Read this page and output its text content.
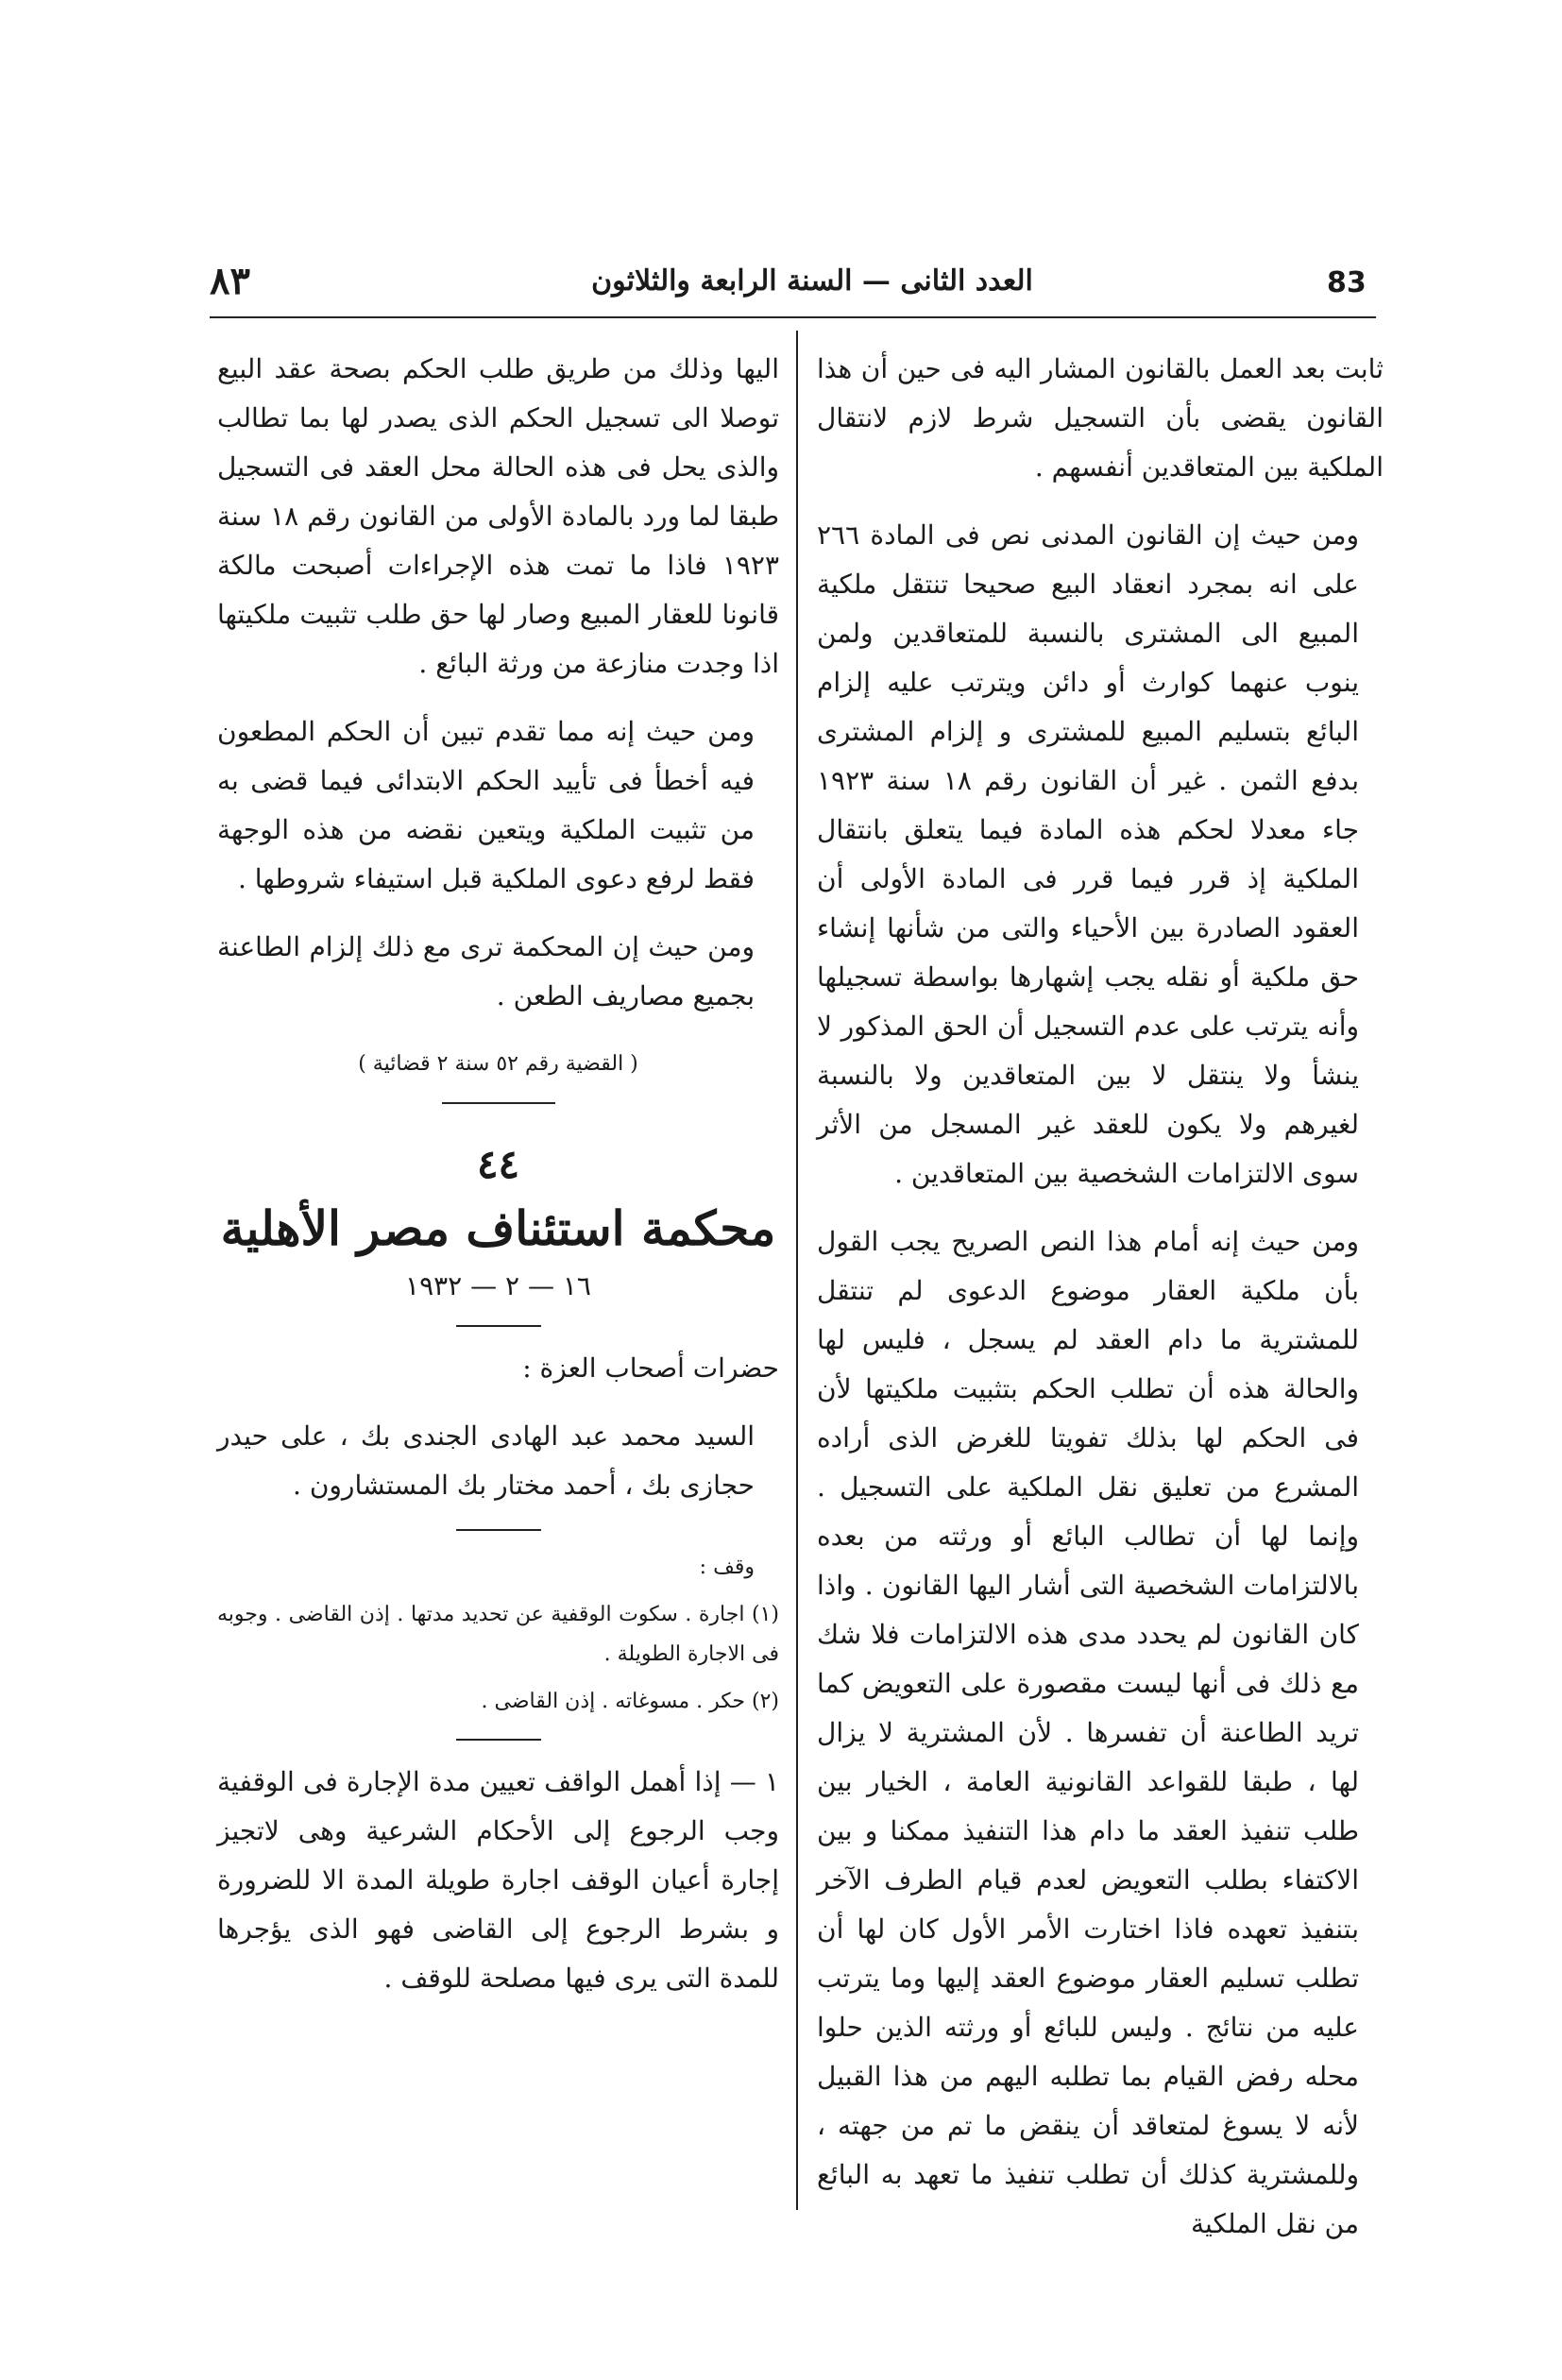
83
العدد الثانى — السنة الرابعة والثلاثون
٨٣

ثابت بعد العمل بالقانون المشار اليه فى حين أن هذا القانون يقضى بأن التسجيل شرط لازم لانتقال الملكية بين المتعاقدين أنفسهم .

ومن حيث إن القانون المدنى نص فى المادة ٢٦٦ على انه بمجرد انعقاد البيع صحيحا تنتقل ملكية المبيع الى المشترى بالنسبة للمتعاقدين ولمن ينوب عنهما كوارث أو دائن ويترتب عليه إلزام البائع بتسليم المبيع للمشترى و إلزام المشترى بدفع الثمن . غير أن القانون رقم ١٨ سنة ١٩٢٣ جاء معدلا لحكم هذه المادة فيما يتعلق بانتقال الملكية إذ قرر فيما قرر فى المادة الأولى أن العقود الصادرة بين الأحياء والتى من شأنها إنشاء حق ملكية أو نقله يجب إشهارها بواسطة تسجيلها وأنه يترتب على عدم التسجيل أن الحق المذكور لا ينشأ ولا ينتقل لا بين المتعاقدين ولا بالنسبة لغيرهم ولا يكون للعقد غير المسجل من الأثر سوى الالتزامات الشخصية بين المتعاقدين .

ومن حيث إنه أمام هذا النص الصريح يجب القول بأن ملكية العقار موضوع الدعوى لم تنتقل للمشترية ما دام العقد لم يسجل ، فليس لها والحالة هذه أن تطلب الحكم بتثبيت ملكيتها لأن فى الحكم لها بذلك تفويتا للغرض الذى أراده المشرع من تعليق نقل الملكية على التسجيل . وإنما لها أن تطالب البائع أو ورثته من بعده بالالتزامات الشخصية التى أشار اليها القانون . واذا كان القانون لم يحدد مدى هذه الالتزامات فلا شك مع ذلك فى أنها ليست مقصورة على التعويض كما تريد الطاعنة أن تفسرها . لأن المشترية لا يزال لها ، طبقا للقواعد القانونية العامة ، الخيار بين طلب تنفيذ العقد ما دام هذا التنفيذ ممكنا و بين الاكتفاء بطلب التعويض لعدم قيام الطرف الآخر بتنفيذ تعهده فاذا اختارت الأمر الأول كان لها أن تطلب تسليم العقار موضوع العقد إليها وما يترتب عليه من نتائج . وليس للبائع أو ورثته الذين حلوا محله رفض القيام بما تطلبه اليهم من هذا القبيل لأنه لا يسوغ لمتعاقد أن ينقض ما تم من جهته ، وللمشترية كذلك أن تطلب تنفيذ ما تعهد به البائع من نقل الملكية

اليها وذلك من طريق طلب الحكم بصحة عقد البيع توصلا الى تسجيل الحكم الذى يصدر لها بما تطالب والذى يحل فى هذه الحالة محل العقد فى التسجيل طبقا لما ورد بالمادة الأولى من القانون رقم ١٨ سنة ١٩٢٣ فاذا ما تمت هذه الإجراءات أصبحت مالكة قانونا للعقار المبيع وصار لها حق طلب تثبيت ملكيتها اذا وجدت منازعة من ورثة البائع .

ومن حيث إنه مما تقدم تبين أن الحكم المطعون فيه أخطأ فى تأييد الحكم الابتدائى فيما قضى به من تثبيت الملكية ويتعين نقضه من هذه الوجهة فقط لرفع دعوى الملكية قبل استيفاء شروطها .

ومن حيث إن المحكمة ترى مع ذلك إلزام الطاعنة بجميع مصاريف الطعن .

( القضية رقم ٥٢ سنة ٢ قضائية )
٤٤
محكمة استئناف مصر الأهلية
١٦ — ٢ — ١٩٣٢

حضرات أصحاب العزة :

السيد محمد عبد الهادى الجندى بك ، على حيدر حجازى بك ، أحمد مختار بك المستشارون .

وقف :

(١) اجارة . سكوت الوقفية عن تحديد مدتها . إذن القاضى . وجوبه فى الاجارة الطويلة .

(٢) حكر . مسوغاته . إذن القاضى .

١ — إذا أهمل الواقف تعيين مدة الإجارة فى الوقفية وجب الرجوع إلى الأحكام الشرعية وهى لاتجيز إجارة أعيان الوقف اجارة طويلة المدة الا للضرورة و بشرط الرجوع إلى القاضى فهو الذى يؤجرها للمدة التى يرى فيها مصلحة للوقف .
